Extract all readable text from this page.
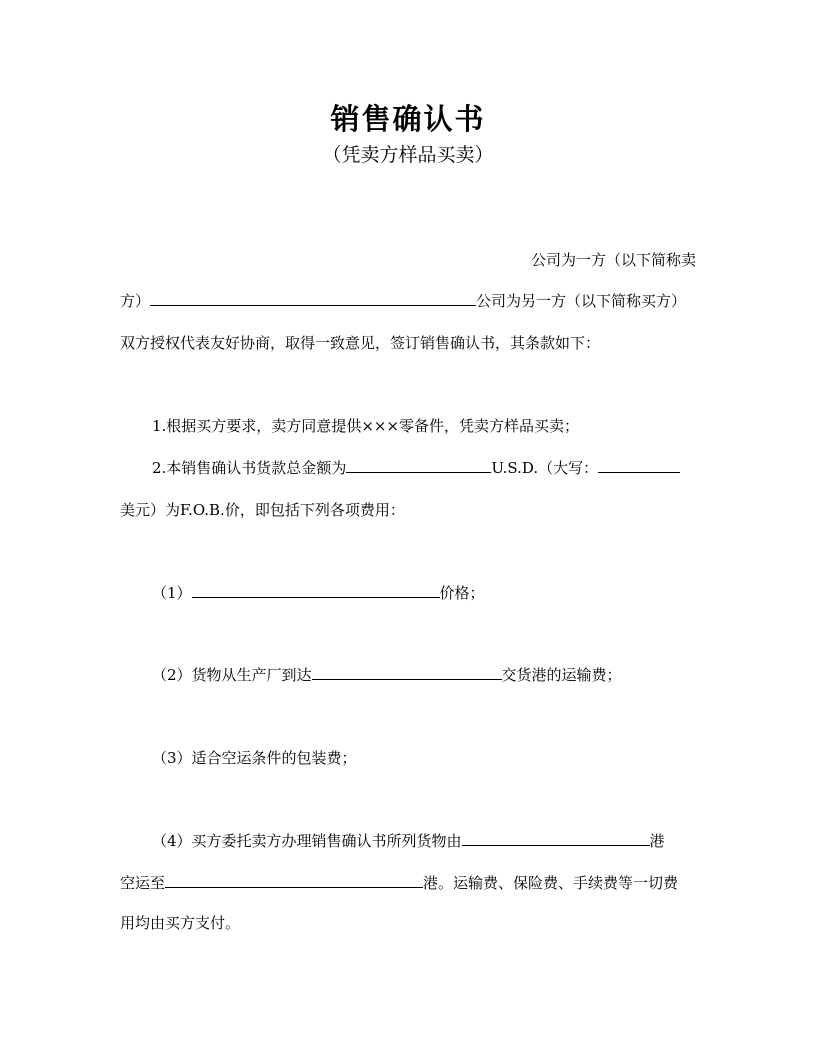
销售确认书
（凭卖方样品买卖）
公司为一方（以下简称卖
方）	公司为另一方（以下简称买方）
双方授权代表友好协商，取得一致意见，签订销售确认书，其条款如下：
1.根据买方要求，卖方同意提供×××零备件，凭卖方样品买卖；
2.本销售确认书货款总金额为	U.S.D.（大写：
美元）为F.O.B.价，即包括下列各项费用：
（1）	价格；
（2）货物从生产厂到达	交货港的运输费；
（3）适合空运条件的包装费；
（4）买方委托卖方办理销售确认书所列货物由	港
空运至	港。运输费、保险费、手续费等一切费
用均由买方支付。
